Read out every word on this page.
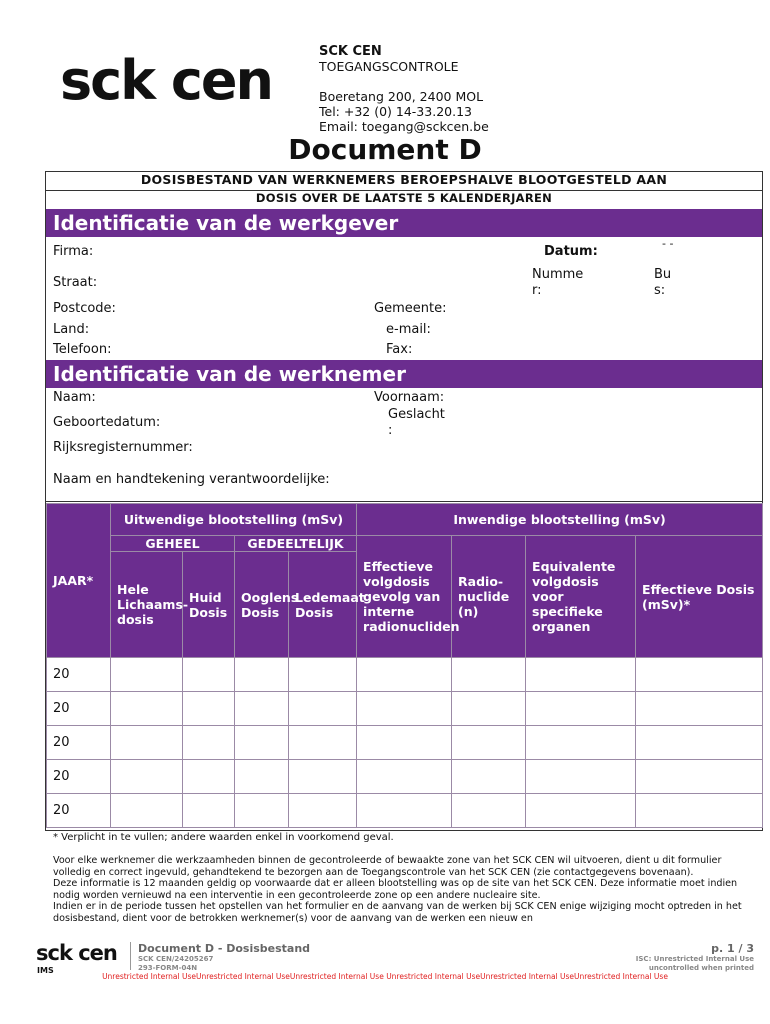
sck cen	SCK CEN
TOEGANGSCONTROLE
Boeretang 200, 2400 MOL
Tel: +32 (0) 14-33.20.13
Email: toegang@sckcen.be
Document D
DOSISBESTAND VAN WERKNEMERS BEROEPSHALVE BLOOTGESTELD AAN
DOSIS OVER DE LAATSTE 5 KALENDERJAREN
Identificatie van de werkgever
Firma:	Datum:
- -
Straat:
Numme
r:
Bu
s:
Postcode:	Gemeente:
Land:	e-mail:
Telefoon:	Fax:
Identificatie van de werknemer
Naam:	Voornaam:
Geboortedatum:
Geslacht
:
Rijksregisternummer:
Naam en handtekening verantwoordelijke:
JAAR*	Uitwendige blootstelling (mSv)				Inwendige blootstelling (mSv)			
	GEHEEL		GEDEELTELIJK		Effectieve volgdosis gevolg van interne radionucliden	Radio-nuclide (n)	Equivalente volgdosis voor specifieke organen	Effectieve Dosis (mSv)*
	Hele Lichaams-dosis	Huid Dosis	Ooglens Dosis	Ledemaat Dosis				
20								
20								
20								
20								
20								
* Verplicht in te vullen; andere waarden enkel in voorkomend geval.

Voor elke werknemer die werkzaamheden binnen de gecontroleerde of bewaakte zone van het SCK CEN wil uitvoeren, dient u dit formulier volledig en correct ingevuld, gehandtekend te bezorgen aan de Toegangscontrole van het SCK CEN (zie contactgegevens bovenaan).

Deze informatie is 12 maanden geldig op voorwaarde dat er alleen blootstelling was op de site van het SCK CEN. Deze informatie moet indien nodig worden vernieuwd na een interventie in een gecontroleerde zone op een andere nucleaire site.

Indien er in de periode tussen het opstellen van het formulier en de aanvang van de werken bij SCK CEN enige wijziging mocht optreden in het dosisbestand, dient voor de betrokken werknemer(s) voor de aanvang van de werken een nieuw en

sck cen
IMS
Document D - Dosisbestand
SCK CEN/24205267
293-FORM-04N
p. 1 / 3
ISC: Unrestricted Internal Use
uncontrolled when printed
Unrestricted Internal UseUnrestricted Internal UseUnrestricted Internal Use Unrestricted Internal UseUnrestricted Internal UseUnrestricted Internal Use
